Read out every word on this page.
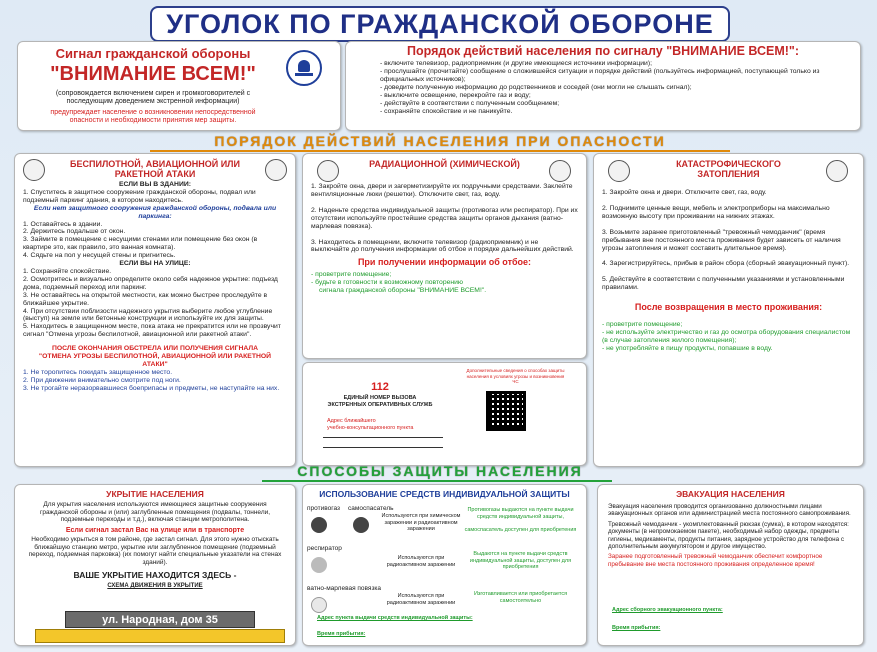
УГОЛОК ПО ГРАЖДАНСКОЙ ОБОРОНЕ
Сигнал гражданской обороны
"ВНИМАНИЕ ВСЕМ!"
(сопровождается включением сирен и громкоговорителей с последующим доведением экстренной информации)
предупреждает население о возникновении непосредственной опасности и необходимости принятия мер защиты.
Порядок действий населения по сигналу "ВНИМАНИЕ ВСЕМ!":
- включите телевизор, радиоприемник (и другие имеющиеся источники информации);
- прослушайте (прочитайте) сообщение о сложившейся ситуации и порядке действий (пользуйтесь информацией, поступающей только из официальных источников);
- доведите полученную информацию до родственников и соседей (они могли не слышать сигнал);
- выключите освещение, перекройте газ и воду;
- действуйте в соответствии с полученным сообщением;
- сохраняйте спокойствие и не паникуйте.
ПОРЯДОК ДЕЙСТВИЙ НАСЕЛЕНИЯ ПРИ ОПАСНОСТИ
БЕСПИЛОТНОЙ, АВИАЦИОННОЙ ИЛИ РАКЕТНОЙ АТАКИ

ЕСЛИ ВЫ В ЗДАНИИ:

1. Спуститесь в защитное сооружение гражданской обороны, подвал или подземный паркинг здания, в котором находитесь.

Если нет защитного сооружения гражданской обороны, подвала или паркинга:

1. Оставайтесь в здании.

2. Держитесь подальше от окон.

3. Займите в помещение с несущими стенами или помещение без окон (в квартире это, как правило, это ванная комната).

4. Сядьте на пол у несущей стены и пригнитесь.

ЕСЛИ ВЫ НА УЛИЦЕ:

1. Сохраняйте спокойствие.

2. Осмотритесь и визуально определите около себя надежное укрытие: подъезд дома, подземный переход или паркинг.

3. Не оставайтесь на открытой местности, как можно быстрее проследуйте в ближайшее укрытие.

4. При отсутствии поблизости надежного укрытия выберите любое углубление (выступ) на земле или бетонные конструкции и используйте их для защиты.

5. Находитесь в защищенном месте, пока атака не прекратится или не прозвучит сигнал "Отмена угрозы беспилотной, авиационной или ракетной атаки".

ПОСЛЕ ОКОНЧАНИЯ ОБСТРЕЛА ИЛИ ПОЛУЧЕНИЯ СИГНАЛА "ОТМЕНА УГРОЗЫ БЕСПИЛОТНОЙ, АВИАЦИОННОЙ ИЛИ РАКЕТНОЙ АТАКИ"

1. Не торопитесь покидать защищенное место.

2. При движении внимательно смотрите под ноги.

3. Не трогайте неразорвавшиеся боеприпасы и предметы, не наступайте на них.

РАДИАЦИОННОЙ (ХИМИЧЕСКОЙ)

1. Закройте окна, двери и загерметизируйте их подручными средствами. Заклейте вентиляционные люки (решетки). Отключите свет, газ, воду.

2. Наденьте средства индивидуальной защиты (противогаз или респиратор). При их отсутствии используйте простейшие средства защиты органов дыхания (ватно-марлевая повязка).

3. Находитесь в помещении, включите телевизор (радиоприемник) и не выключайте до получения информации об отбое и порядке дальнейших действий.

При получении информации об отбое:

- проветрите помещение;

- будьте в готовности к возможному повторению

сигнала гражданской обороны "ВНИМАНИЕ ВСЕМ!".

112
ЕДИНЫЙ НОМЕР ВЫЗОВА
ЭКСТРЕННЫХ ОПЕРАТИВНЫХ СЛУЖБ
Адрес ближайшего
учебно-консультационного пункта
Дополнительные сведения о способах защиты населения в условиях угрозы и возникновения ЧС
КАТАСТРОФИЧЕСКОГО ЗАТОПЛЕНИЯ

1. Закройте окна и двери. Отключите свет, газ, воду.

2. Поднимите ценные вещи, мебель и электроприборы на максимально возможную высоту при проживании на нижних этажах.

3. Возьмите заранее приготовленный "тревожный чемоданчик" (время пребывания вне постоянного места проживания будет зависеть от наличия угрозы затопления и может составить длительное время).

4. Зарегистрируйтесь, прибыв в район сбора (сборный эвакуационный пункт).

5. Действуйте в соответствии с полученными указаниями и установленными правилами.

После возвращения в место проживания:

- проветрите помещение;

- не используйте электричество и газ до осмотра оборудования специалистом (в случае затопления жилого помещения);

- не употребляйте в пищу продукты, попавшие в воду.

СПОСОБЫ ЗАЩИТЫ НАСЕЛЕНИЯ
УКРЫТИЕ НАСЕЛЕНИЯ
Для укрытия населения используются имеющиеся защитные сооружения гражданской обороны и (или) заглубленные помещения (подвалы, тоннели, подземные переходы и т.д.), включая станции метрополитена.
Если сигнал застал Вас на улице или в транспорте
Необходимо укрыться в том районе, где застал сигнал. Для этого нужно отыскать ближайшую станцию метро, укрытие или заглубленное помещение (подземный переход, подземная парковка) (их помогут найти специальные указатели на стенах зданий).
ВАШЕ УКРЫТИЕ НАХОДИТСЯ ЗДЕСЬ -
СХЕМА ДВИЖЕНИЯ В УКРЫТИЕ
ул. Народная, дом 35
ИСПОЛЬЗОВАНИЕ СРЕДСТВ ИНДИВИДУАЛЬНОЙ ЗАЩИТЫ
противогаз самоспасатель
респиратор
ватно-марлевая повязка
Используются при химическом заражении и радиоактивном заражении
Используются при радиоактивном заражении
Используются при радиоактивном заражении
Противогазы выдаются на пункте выдачи средств индивидуальной защиты,
самоспасатель доступен для приобретения
Выдаются на пункте выдачи средств индивидуальной защиты, доступен для приобретения
Изготавливается или приобретается самостоятельно
Адрес пункта выдачи средств индивидуальной защиты:
Время прибытия:
ЭВАКУАЦИЯ НАСЕЛЕНИЯ

Эвакуация населения проводится организованно должностными лицами эвакуационных органов или администрацией места постоянного самопроживания.

Тревожный чемоданчик - укомплектованный рюкзак (сумка), в котором находятся: документы (в непромокаемом пакете), необходимый набор одежды, предметы гигиены, медикаменты, продукты питания, зарядное устройство для телефона с дополнительным аккумулятором и другое имущество.

Заранее подготовленный тревожный чемоданчик обеспечит комфортное пребывание вне места постоянного проживания определенное время!

Адрес сборного эвакуационного пункта:
Время прибытия:
